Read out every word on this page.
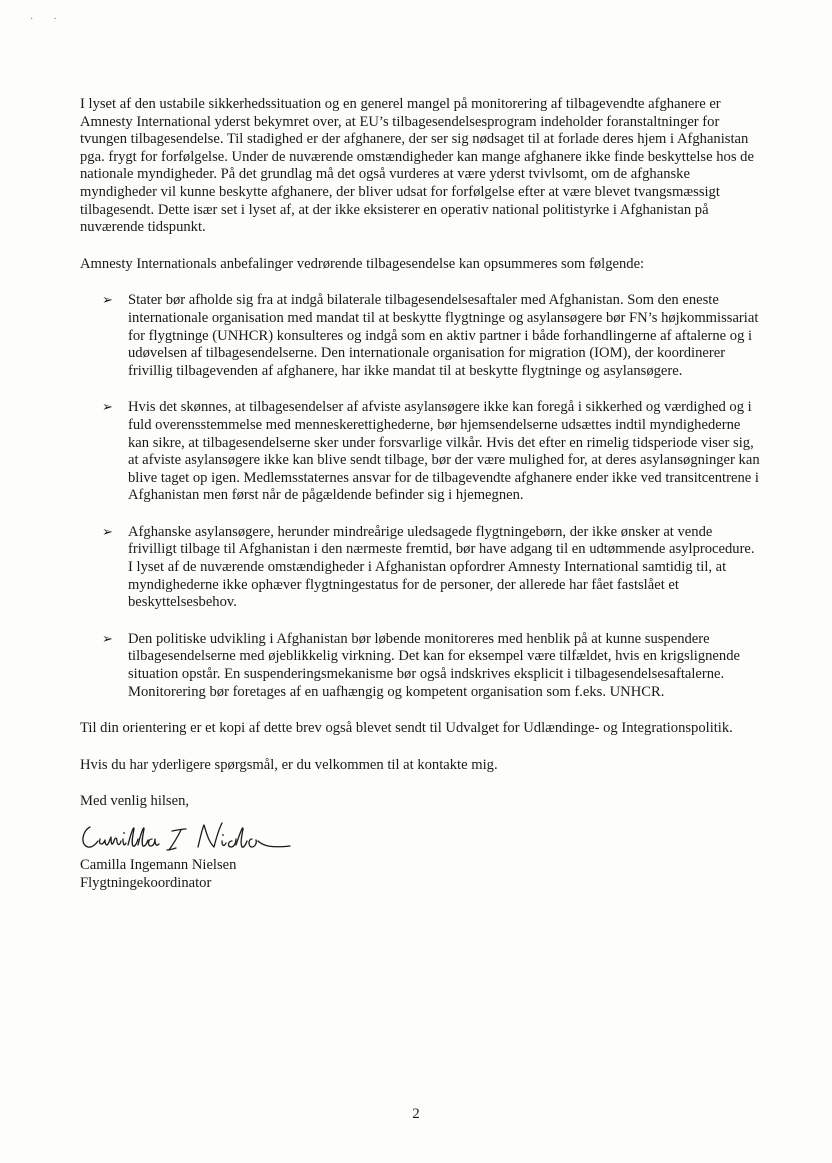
·        ·

I lyset af den ustabile sikkerhedssituation og en generel mangel på monitorering af tilbagevendte afghanere er Amnesty International yderst bekymret over, at EU’s tilbagesendelsesprogram indeholder foranstaltninger for tvungen tilbagesendelse. Til stadighed er der afghanere, der ser sig nødsaget til at forlade deres hjem i Afghanistan pga. frygt for forfølgelse. Under de nuværende omstændigheder kan mange afghanere ikke finde beskyttelse hos de nationale myndigheder. På det grundlag må det også vurderes at være yderst tvivlsomt, om de afghanske myndigheder vil kunne beskytte afghanere, der bliver udsat for forfølgelse efter at være blevet tvangsmæssigt tilbagesendt. Dette især set i lyset af, at der ikke eksisterer en operativ national politistyrke i Afghanistan på nuværende tidspunkt.

Amnesty Internationals anbefalinger vedrørende tilbagesendelse kan opsummeres som følgende:

➢ Stater bør afholde sig fra at indgå bilaterale tilbagesendelsesaftaler med Afghanistan. Som den eneste internationale organisation med mandat til at beskytte flygtninge og asylansøgere bør FN’s højkommissariat for flygtninge (UNHCR) konsulteres og indgå som en aktiv partner i både forhandlingerne af aftalerne og i udøvelsen af tilbagesendelserne. Den internationale organisation for migration (IOM), der koordinerer frivillig tilbagevenden af afghanere, har ikke mandat til at beskytte flygtninge og asylansøgere.
➢ Hvis det skønnes, at tilbagesendelser af afviste asylansøgere ikke kan foregå i sikkerhed og værdighed og i fuld overensstemmelse med menneskerettighederne, bør hjemsendelserne udsættes indtil myndighederne kan sikre, at tilbagesendelserne sker under forsvarlige vilkår. Hvis det efter en rimelig tidsperiode viser sig, at afviste asylansøgere ikke kan blive sendt tilbage, bør der være mulighed for, at deres asylansøgninger kan blive taget op igen. Medlemsstaternes ansvar for de tilbagevendte afghanere ender ikke ved transitcentrene i Afghanistan men først når de pågældende befinder sig i hjemegnen.
➢ Afghanske asylansøgere, herunder mindreårige uledsagede flygtningebørn, der ikke ønsker at vende frivilligt tilbage til Afghanistan i den nærmeste fremtid, bør have adgang til en udtømmende asylprocedure. I lyset af de nuværende omstændigheder i Afghanistan opfordrer Amnesty International samtidig til, at myndighederne ikke ophæver flygtningestatus for de personer, der allerede har fået fastslået et beskyttelsesbehov.
➢ Den politiske udvikling i Afghanistan bør løbende monitoreres med henblik på at kunne suspendere tilbagesendelserne med øjeblikkelig virkning. Det kan for eksempel være tilfældet, hvis en krigslignende situation opstår. En suspenderingsmekanisme bør også indskrives eksplicit i tilbagesendelsesaftalerne. Monitorering bør foretages af en uafhængig og kompetent organisation som f.eks. UNHCR.

Til din orientering er et kopi af dette brev også blevet sendt til Udvalget for Udlændinge- og Integrationspolitik.

Hvis du har yderligere spørgsmål, er du velkommen til at kontakte mig.

Med venlig hilsen,

Camilla Ingemann Nielsen

Flygtningekoordinator

2
